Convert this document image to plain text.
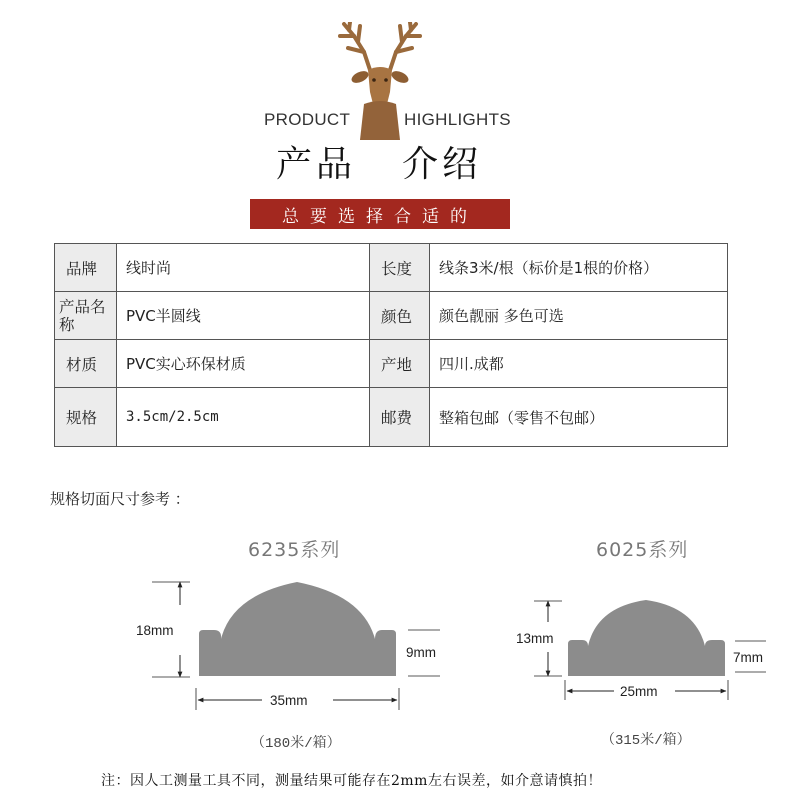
PRODUCT	HIGHLIGHTS
产品 介绍
总要选择合适的
品牌	线时尚	长度	线条3米/根（标价是1根的价格）
产品名称	PVC半圆线	颜色	颜色靓丽 多色可选
材质	PVC实心环保材质	产地	四川.成都
规格	3.5cm/2.5cm	邮费	整箱包邮（零售不包邮）
规格切面尺寸参考 ：
6235系列	6025系列
18mm
9mm
35mm
13mm
7mm
25mm
（180米/箱）	（315米/箱）
注：因人工测量工具不同，测量结果可能存在2mm左右误差，如介意请慎拍！
